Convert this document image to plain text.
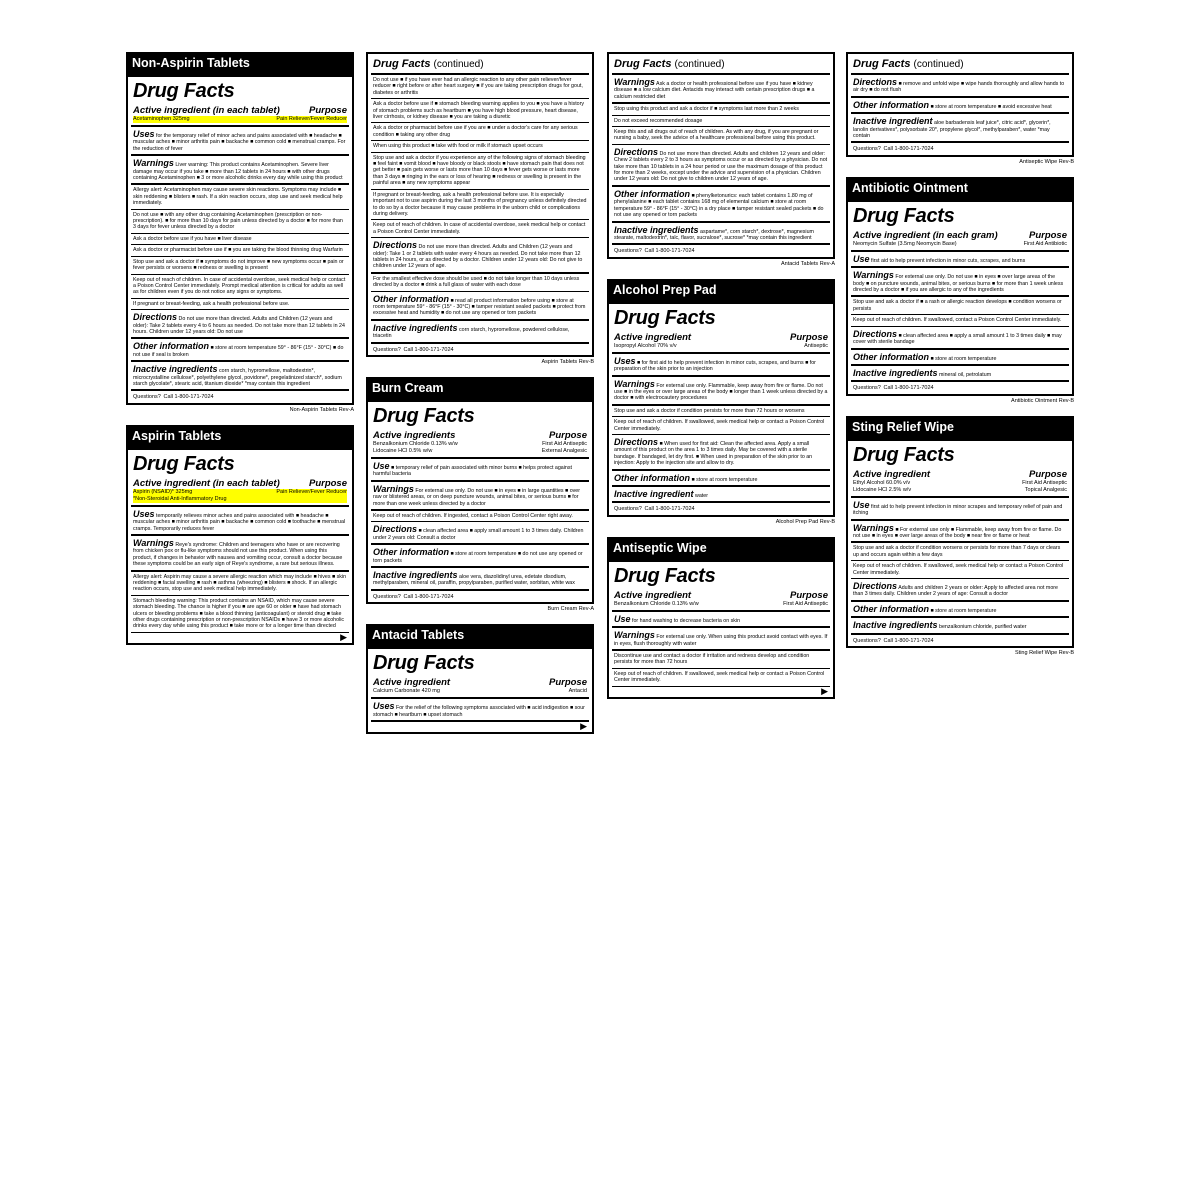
Non-Aspirin Tablets
Drug Facts
Active ingredient (in each tablet)	Purpose
Acetaminophen 325mg	Pain Reliever/Fever Reducer
Uses for the temporary relief of minor aches and pains associated with ■ headache ■ muscular aches ■ minor arthritis pain ■ backache ■ common cold ■ menstrual cramps. For the reduction of fever
Warnings Liver warning: This product contains Acetaminophen. Severe liver damage may occur if you take ■ more than 12 tablets in 24 hours ■ with other drugs containing Acetaminophen ■ 3 or more alcoholic drinks every day while using this product
Allergy alert: Acetaminophen may cause severe skin reactions. Symptoms may include ■ skin reddening ■ blisters ■ rash. If a skin reaction occurs, stop use and seek medical help immediately.
Do not use ■ with any other drug containing Acetaminophen (prescription or non-prescription). ■ for more than 10 days for pain unless directed by a doctor ■ for more than 3 days for fever unless directed by a doctor
Ask a doctor before use if you have ■ liver disease
Ask a doctor or pharmacist before use if ■ you are taking the blood thinning drug Warfarin
Stop use and ask a doctor if ■ symptoms do not improve ■ new symptoms occur ■ pain or fever persists or worsens ■ redness or swelling is present
Keep out of reach of children. In case of accidental overdose, seek medical help or contact a Poison Control Center immediately. Prompt medical attention is critical for adults as well as for children even if you do not notice any signs or symptoms.
If pregnant or breast-feeding, ask a health professional before use.
Directions Do not use more than directed. Adults and Children (12 years and older): Take 2 tablets every 4 to 6 hours as needed. Do not take more than 12 tablets in 24 hours. Children under 12 years old: Do not use
Other information ■ store at room temperature 59° - 86°F (15° - 30°C) ■ do not use if seal is broken
Inactive ingredients corn starch, hypromellose, maltodextrin*, microcrystalline cellulose*, polyethylene glycol, povidone*, pregelatinized starch*, sodium starch glycolate*, stearic acid, titanium dioxide* *may contain this ingredient
Questions? Call 1-800-171-7024
Non-Aspirin Tablets Rev-A
Aspirin Tablets
Drug Facts
Active ingredient (in each tablet)	Purpose
Aspirin (NSAID)* 325mg	Pain Reliever/Fever Reducer
*Non-Steroidal Anti-Inflammatory Drug
Uses temporarily relieves minor aches and pains associated with ■ headache ■ muscular aches ■ minor arthritis pain ■ backache ■ common cold ■ toothache ■ menstrual cramps. Temporarily reduces fever
Warnings Reye's syndrome: Children and teenagers who have or are recovering from chicken pox or flu-like symptoms should not use this product. When using this product, if changes in behavior with nausea and vomiting occur, consult a doctor because these symptoms could be an early sign of Reye's syndrome, a rare but serious illness.
Allergy alert: Aspirin may cause a severe allergic reaction which may include ■ hives ■ skin reddening ■ facial swelling ■ rash ■ asthma (wheezing) ■ blisters ■ shock. If an allergic reaction occurs, stop use and seek medical help immediately.
Stomach bleeding warning: This product contains an NSAID, which may cause severe stomach bleeding. The chance is higher if you ■ are age 60 or older ■ have had stomach ulcers or bleeding problems ■ take a blood thinning (anticoagulant) or steroid drug ■ take other drugs containing prescription or non-prescription NSAIDs ■ have 3 or more alcoholic drinks every day while using this product ■ take more or for a longer time than directed
▶
Drug Facts (continued)
Do not use ■ if you have ever had an allergic reaction to any other pain reliever/fever reducer ■ right before or after heart surgery ■ if you are taking prescription drugs for gout, diabetes or arthritis
Ask a doctor before use if ■ stomach bleeding warning applies to you ■ you have a history of stomach problems such as heartburn ■ you have high blood pressure, heart disease, liver cirrhosis, or kidney disease ■ you are taking a diuretic
Ask a doctor or pharmacist before use if you are ■ under a doctor's care for any serious condition ■ taking any other drug
When using this product ■ take with food or milk if stomach upset occurs
Stop use and ask a doctor if you experience any of the following signs of stomach bleeding ■ feel faint ■ vomit blood ■ have bloody or black stools ■ have stomach pain that does not get better ■ pain gets worse or lasts more than 10 days ■ fever gets worse or lasts more than 3 days ■ ringing in the ears or loss of hearing ■ redness or swelling is present in the painful area ■ any new symptoms appear
If pregnant or breast-feeding, ask a health professional before use. It is especially important not to use aspirin during the last 3 months of pregnancy unless definitely directed to do so by a doctor because it may cause problems in the unborn child or complications during delivery.
Keep out of reach of children. In case of accidental overdose, seek medical help or contact a Poison Control Center immediately.
Directions Do not use more than directed. Adults and Children (12 years and older): Take 1 or 2 tablets with water every 4 hours as needed. Do not take more than 12 tablets in 24 hours, or as directed by a doctor. Children under 12 years old: Do not give to children under 12 years of age.
For the smallest effective dose should be used ■ do not take longer than 10 days unless directed by a doctor ■ drink a full glass of water with each dose
Other information ■ read all product information before using ■ store at room temperature 59° - 86°F (15° - 30°C) ■ tamper resistant sealed packets ■ protect from excessive heat and humidity ■ do not use any opened or torn packets
Inactive ingredients corn starch, hypromellose, powdered cellulose, triacetin
Questions? Call 1-800-171-7024
Aspirin Tablets Rev-B
Burn Cream
Drug Facts
Active ingredients	Purpose
Benzalkonium Chloride 0.13% w/w	First Aid Antiseptic
Lidocaine HCl 0.5% w/w	External Analgesic
Use ■ temporary relief of pain associated with minor burns ■ helps protect against harmful bacteria
Warnings For external use only. Do not use ■ in eyes ■ in large quantities ■ over raw or blistered areas, or on deep puncture wounds, animal bites, or serious burns ■ for more than one week unless directed by a doctor
Keep out of reach of children. If ingested, contact a Poison Control Center right away.
Directions ■ clean affected area ■ apply small amount 1 to 3 times daily. Children under 2 years old: Consult a doctor
Other information ■ store at room temperature ■ do not use any opened or torn packets
Inactive ingredients aloe vera, diazolidinyl urea, edetate disodium, methylparaben, mineral oil, paraffin, propylparaben, purified water, sorbitan, white wax
Questions? Call 1-800-171-7024
Burn Cream Rev-A
Antacid Tablets
Drug Facts
Active ingredient	Purpose
Calcium Carbonate 420 mg	Antacid
Uses For the relief of the following symptoms associated with ■ acid indigestion ■ sour stomach ■ heartburn ■ upset stomach
▶
Drug Facts (continued)
Warnings Ask a doctor or health professional before use if you have ■ kidney disease ■ a low calcium diet. Antacids may interact with certain prescription drugs ■ a calcium restricted diet
Stop using this product and ask a doctor if ■ symptoms last more than 2 weeks
Do not exceed recommended dosage
Keep this and all drugs out of reach of children. As with any drug, if you are pregnant or nursing a baby, seek the advice of a healthcare professional before using this product.
Directions Do not use more than directed. Adults and children 12 years and older: Chew 2 tablets every 2 to 3 hours as symptoms occur or as directed by a physician. Do not take more than 10 tablets in a 24 hour period or use the maximum dosage of this product for more than 2 weeks, except under the advice and supervision of a physician. Children under 12 years old: Do not give to children under 12 years of age.
Other information ■ phenylketonurics: each tablet contains 1.80 mg of phenylalanine ■ each tablet contains 168 mg of elemental calcium ■ store at room temperature 59° - 86°F (15° - 30°C) in a dry place ■ tamper resistant sealed packets ■ do not use any opened or torn packets
Inactive ingredients aspartame*, corn starch*, dextrose*, magnesium stearate, maltodextrin*, talc, flavor, sucralose*, sucrose* *may contain this ingredient
Questions? Call 1-800-171-7024
Antacid Tablets Rev-A
Alcohol Prep Pad
Drug Facts
Active ingredient	Purpose
Isopropyl Alcohol 70% v/v	Antiseptic
Uses ■ for first aid to help prevent infection in minor cuts, scrapes, and burns ■ for preparation of the skin prior to an injection
Warnings For external use only. Flammable, keep away from fire or flame. Do not use ■ in the eyes or over large areas of the body ■ longer than 1 week unless directed by a doctor ■ with electrocautery procedures
Stop use and ask a doctor if condition persists for more than 72 hours or worsens
Keep out of reach of children. If swallowed, seek medical help or contact a Poison Control Center immediately.
Directions ■ When used for first aid: Clean the affected area. Apply a small amount of this product on the area 1 to 3 times daily. May be covered with a sterile bandage. If bandaged, let dry first. ■ When used in preparation of the skin prior to an injection: Apply to the injection site and allow to dry.
Other information ■ store at room temperature
Inactive ingredient water
Questions? Call 1-800-171-7024
Alcohol Prep Pad Rev-B
Antiseptic Wipe
Drug Facts
Active ingredient	Purpose
Benzalkonium Chloride 0.13% w/w	First Aid Antiseptic
Use for hand washing to decrease bacteria on skin
Warnings For external use only. When using this product avoid contact with eyes. If in eyes, flush thoroughly with water
Discontinue use and contact a doctor if irritation and redness develop and condition persists for more than 72 hours
Keep out of reach of children. If swallowed, seek medical help or contact a Poison Control Center immediately.
▶
Drug Facts (continued)
Directions ■ remove and unfold wipe ■ wipe hands thoroughly and allow hands to air dry ■ do not flush
Other information ■ store at room temperature ■ avoid excessive heat
Inactive ingredient aloe barbadensis leaf juice*, citric acid*, glycerin*, lanolin derivatives*, polysorbate 20*, propylene glycol*, methylparaben*, water *may contain
Questions? Call 1-800-171-7024
Antiseptic Wipe Rev-B
Antibiotic Ointment
Drug Facts
Active ingredient (in each gram)	Purpose
Neomycin Sulfate (3.5mg Neomycin Base)	First Aid Antibiotic
Use first aid to help prevent infection in minor cuts, scrapes, and burns
Warnings For external use only. Do not use ■ in eyes ■ over large areas of the body ■ on puncture wounds, animal bites, or serious burns ■ for more than 1 week unless directed by a doctor ■ if you are allergic to any of the ingredients
Stop use and ask a doctor if ■ a rash or allergic reaction develops ■ condition worsens or persists
Keep out of reach of children. If swallowed, contact a Poison Control Center immediately.
Directions ■ clean affected area ■ apply a small amount 1 to 3 times daily ■ may cover with sterile bandage
Other information ■ store at room temperature
Inactive ingredients mineral oil, petrolatum
Questions? Call 1-800-171-7024
Antibiotic Ointment Rev-B
Sting Relief Wipe
Drug Facts
Active ingredient	Purpose
Ethyl Alcohol 60.0% v/v	First Aid Antiseptic
Lidocaine HCl 2.5% w/v	Topical Analgesic
Use first aid to help prevent infection in minor scrapes and temporary relief of pain and itching
Warnings ■ For external use only ■ Flammable, keep away from fire or flame. Do not use ■ in eyes ■ over large areas of the body ■ near fire or flame or heat
Stop use and ask a doctor if condition worsens or persists for more than 7 days or clears up and occurs again within a few days
Keep out of reach of children. If swallowed, seek medical help or contact a Poison Control Center immediately.
Directions Adults and children 2 years or older: Apply to affected area not more than 3 times daily. Children under 2 years of age: Consult a doctor
Other information ■ store at room temperature
Inactive ingredients benzalkonium chloride, purified water
Questions? Call 1-800-171-7024
Sting Relief Wipe Rev-B
